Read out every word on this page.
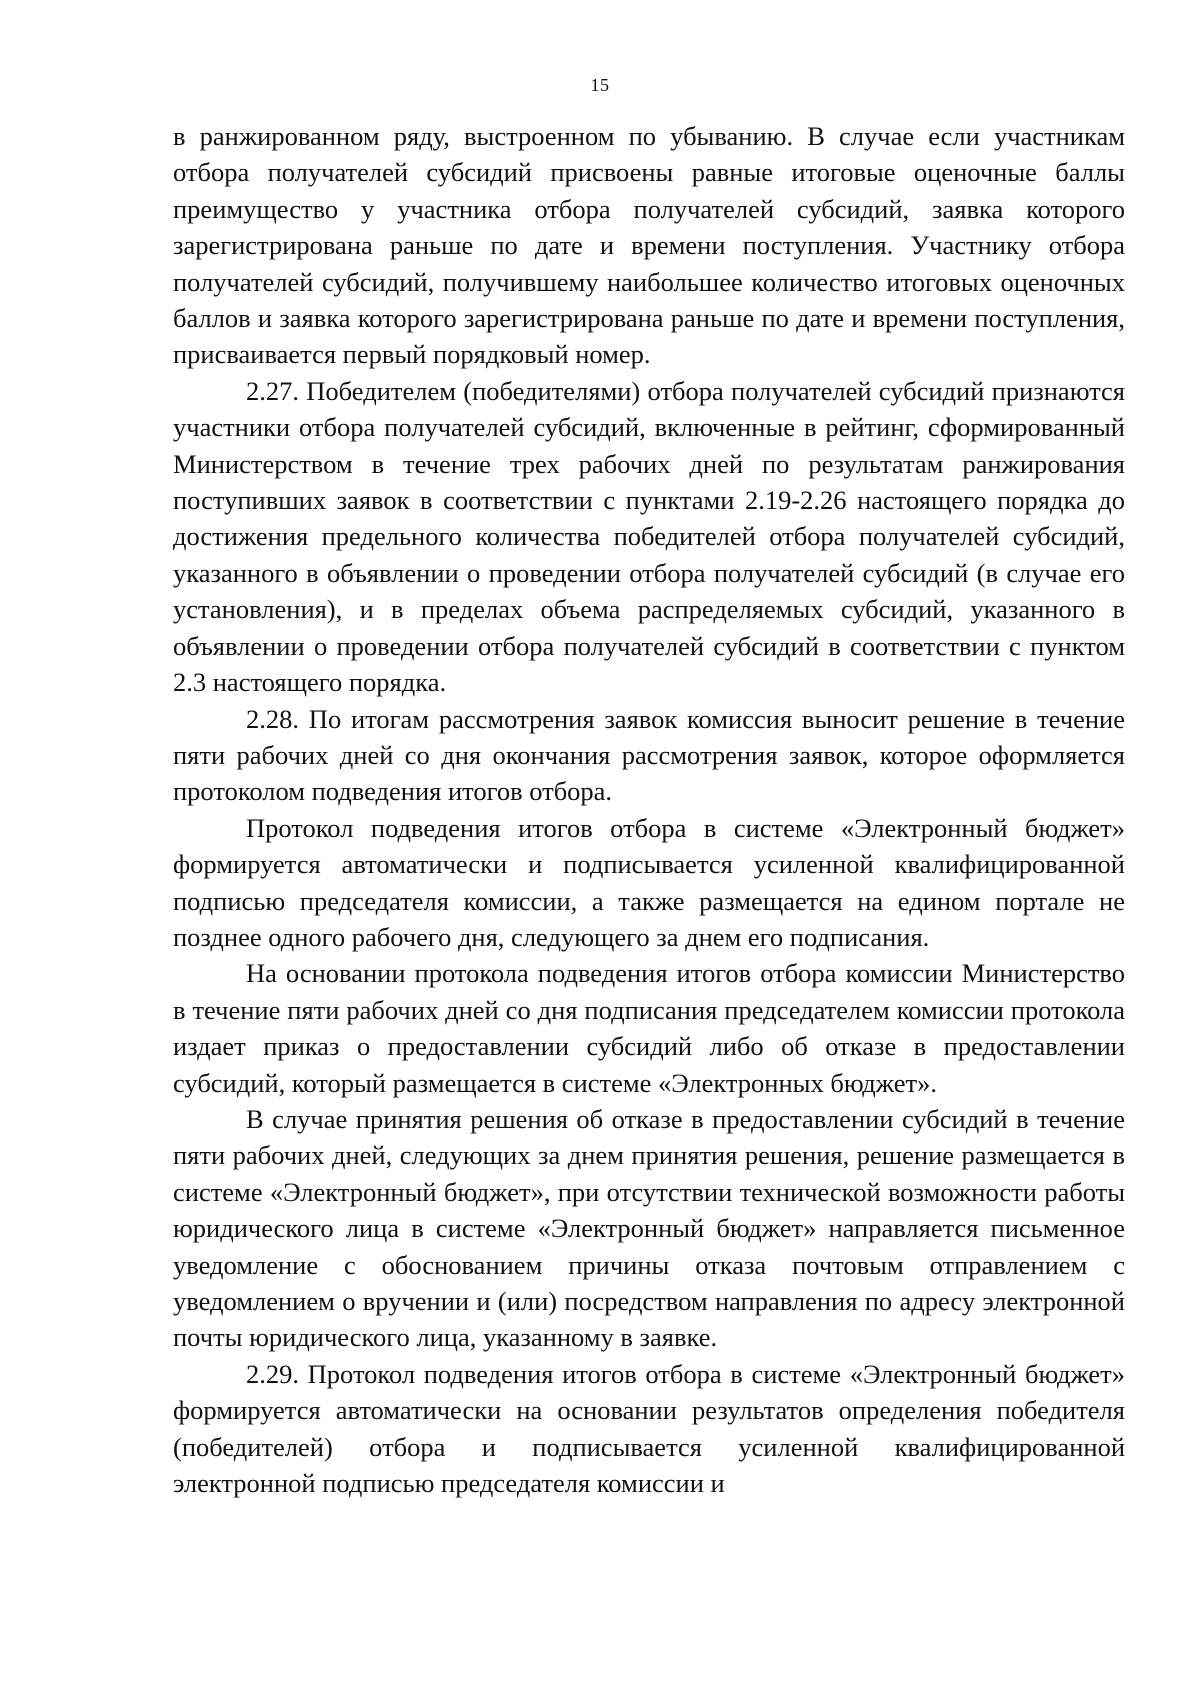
15

в ранжированном ряду, выстроенном по убыванию. В случае если участникам отбора получателей субсидий присвоены равные итоговые оценочные баллы преимущество у участника отбора получателей субсидий, заявка которого зарегистрирована раньше по дате и времени поступления. Участнику отбора получателей субсидий, получившему наибольшее количество итоговых оценочных баллов и заявка которого зарегистрирована раньше по дате и времени поступления, присваивается первый порядковый номер.

2.27. Победителем (победителями) отбора получателей субсидий признаются участники отбора получателей субсидий, включенные в рейтинг, сформированный Министерством в течение трех рабочих дней по результатам ранжирования поступивших заявок в соответствии с пунктами 2.19-2.26 настоящего порядка до достижения предельного количества победителей отбора получателей субсидий, указанного в объявлении о проведении отбора получателей субсидий (в случае его установления), и в пределах объема распределяемых субсидий, указанного в объявлении о проведении отбора получателей субсидий в соответствии с пунктом 2.3 настоящего порядка.

2.28. По итогам рассмотрения заявок комиссия выносит решение в течение пяти рабочих дней со дня окончания рассмотрения заявок, которое оформляется протоколом подведения итогов отбора.

Протокол подведения итогов отбора в системе «Электронный бюджет» формируется автоматически и подписывается усиленной квалифицированной подписью председателя комиссии, а также размещается на едином портале не позднее одного рабочего дня, следующего за днем его подписания.

На основании протокола подведения итогов отбора комиссии Министерство в течение пяти рабочих дней со дня подписания председателем комиссии протокола издает приказ о предоставлении субсидий либо об отказе в предоставлении субсидий, который размещается в системе «Электронных бюджет».

В случае принятия решения об отказе в предоставлении субсидий в течение пяти рабочих дней, следующих за днем принятия решения, решение размещается в системе «Электронный бюджет», при отсутствии технической возможности работы юридического лица в системе «Электронный бюджет» направляется письменное уведомление с обоснованием причины отказа почтовым отправлением с уведомлением о вручении и (или) посредством направления по адресу электронной почты юридического лица, указанному в заявке.

2.29. Протокол подведения итогов отбора в системе «Электронный бюджет» формируется автоматически на основании результатов определения победителя (победителей) отбора и подписывается усиленной квалифицированной электронной подписью председателя комиссии и
